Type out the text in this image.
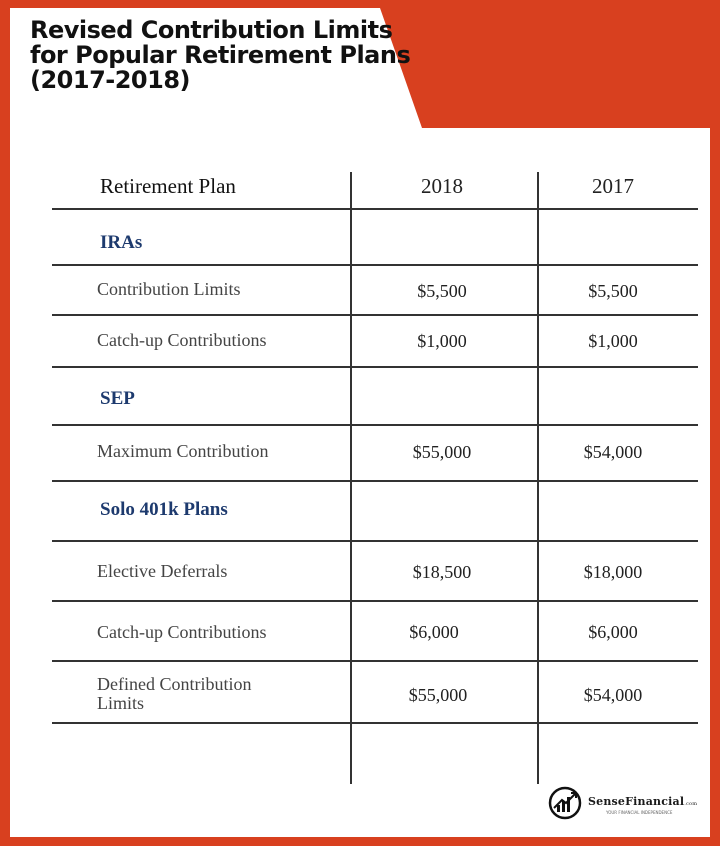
Revised Contribution Limits
for Popular Retirement Plans
(2017-2018)
Retirement Plan	2018	2017
IRAs
Contribution Limits	$5,500	$5,500
Catch-up Contributions	$1,000	$1,000
SEP
Maximum Contribution	$55,000	$54,000
Solo 401k Plans
Elective Deferrals	$18,500	$18,000
Catch-up Contributions	$6,000	$6,000
Defined Contribution Limits	$55,000	$54,000
SenseFinancial.com
YOUR FINANCIAL INDEPENDENCE
